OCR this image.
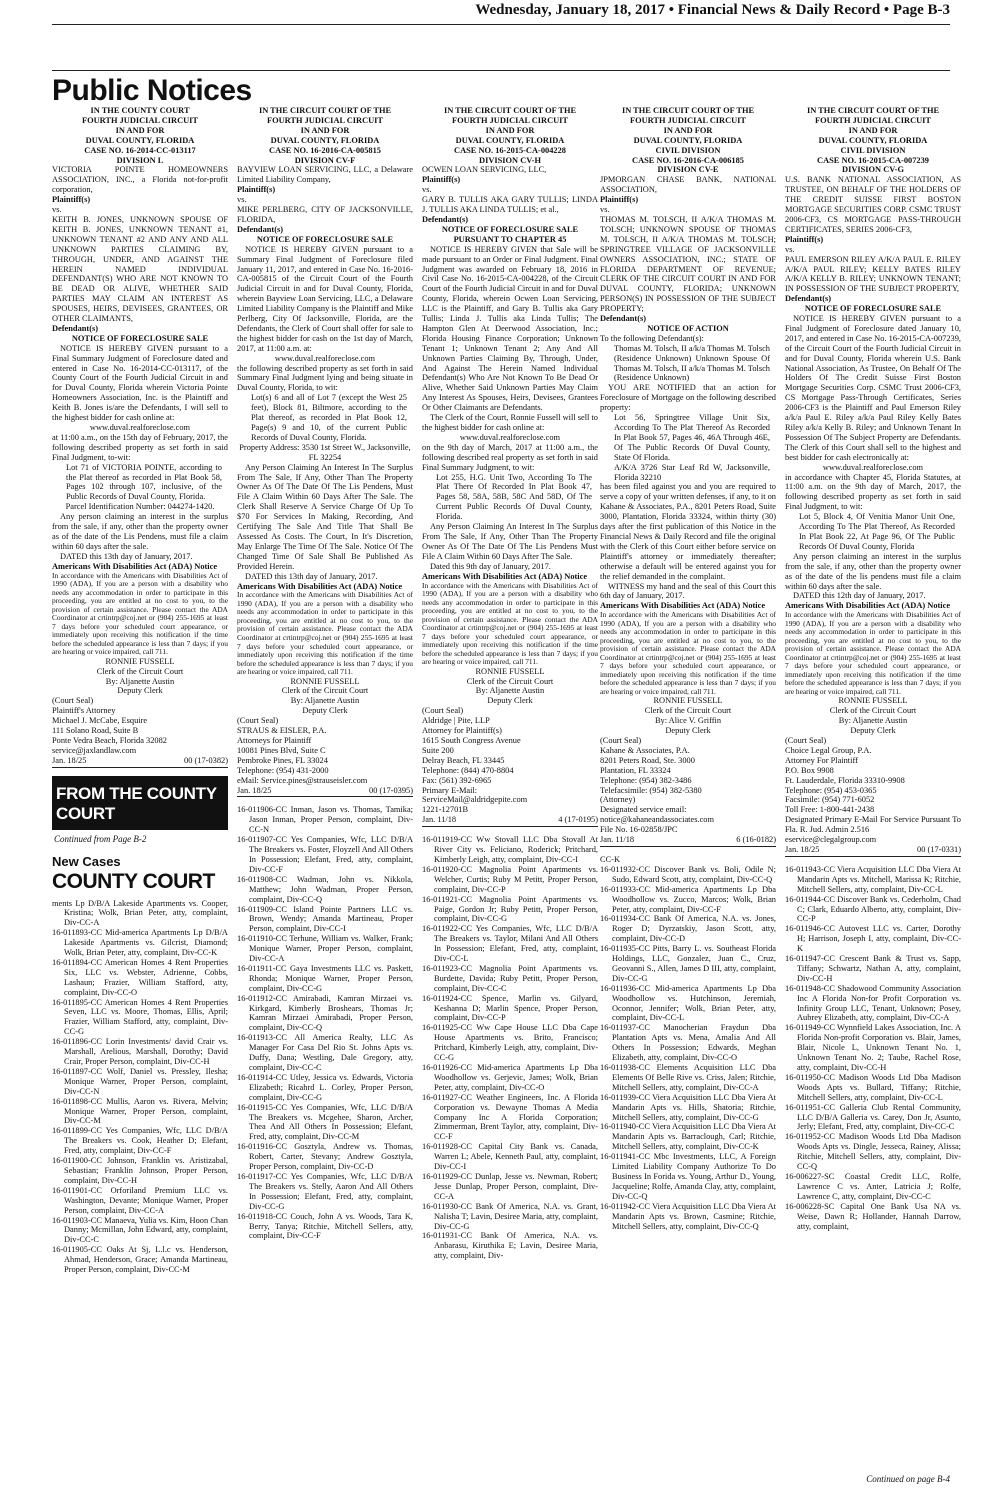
Wednesday, January 18, 2017 • Financial News & Daily Record • Page B-3
Public Notices

IN THE COUNTY COURT

FOURTH JUDICIAL CIRCUIT

IN AND FOR

DUVAL COUNTY, FLORIDA

CASE NO. 16-2014-CC-013117

DIVISION L

VICTORIA POINTE HOMEOWNERS ASSOCIATION, INC., a Florida not-for-profit corporation,

Plaintiff(s)

vs.

KEITH B. JONES, UNKNOWN SPOUSE OF KEITH B. JONES, UNKNOWN TENANT #1, UNKNOWN TENANT #2 AND ANY AND ALL UNKNOWN PARTIES CLAIMING BY, THROUGH, UNDER, AND AGAINST THE HEREIN NAMED INDIVIDUAL DEFENDANT(S) WHO ARE NOT KNOWN TO BE DEAD OR ALIVE, WHETHER SAID PARTIES MAY CLAIM AN INTEREST AS SPOUSES, HEIRS, DEVISEES, GRANTEES, OR OTHER CLAIMANTS,

Defendant(s)

NOTICE OF FORECLOSURE SALE

NOTICE IS HEREBY GIVEN pursuant to a Final Summary Judgment of Foreclosure dated and entered in Case No. 16-2014-CC-013117, of the County Court of the Fourth Judicial Circuit in and for Duval County, Florida wherein Victoria Pointe Homeowners Association, Inc. is the Plaintiff and Keith B. Jones is/are the Defendants, I will sell to the highest bidder for cash online at:

www.duval.realforeclose.com

at 11:00 a.m., on the 15th day of February, 2017, the following described property as set forth in said Final Judgment, to-wit:

Lot 71 of VICTORIA POINTE, according to the Plat thereof as recorded in Plat Book 58, Pages 102 through 107, inclusive, of the Public Records of Duval County, Florida.

Parcel Identification Number: 044274-1420.

Any person claiming an interest in the surplus from the sale, if any, other than the property owner as of the date of the Lis Pendens, must file a claim within 60 days after the sale.

DATED this 13th day of January, 2017.

Americans With Disabilities Act (ADA) Notice

In accordance with the Americans with Disabilities Act of 1990 (ADA), If you are a person with a disability who needs any accommodation in order to participate in this proceeding, you are entitled at no cost to you, to the provision of certain assistance. Please contact the ADA Coordinator at crtintrp@coj.net or (904) 255-1695 at least 7 days before your scheduled court appearance, or immediately upon receiving this notification if the time before the scheduled appearance is less than 7 days; if you are hearing or voice impaired, call 711.

RONNIE FUSSELL

Clerk of the Circuit Court

By: Aljanette Austin

Deputy Clerk

(Court Seal)

Plaintiff's Attorney

Michael J. McCabe, Esquire

111 Solano Road, Suite B

Ponte Vedra Beach, Florida 32082

service@jaxlandlaw.com

Jan. 18/25	00 (17-0382)
FROM THE COUNTY COURT
Continued from Page B-2
New Cases
COUNTY COURT

ments Lp D/B/A Lakeside Apartments vs. Cooper, Kristina; Wolk, Brian Peter, atty, complaint, Div-CC-A

16-011893-CC Mid-america Apartments Lp D/B/A Lakeside Apartments vs. Gilcrist, Diamond; Wolk, Brian Peter, atty, complaint, Div-CC-K

16-011894-CC American Homes 4 Rent Properties Six, LLC vs. Webster, Adrienne, Cobbs, Lashaun; Frazier, William Stafford, atty, complaint, Div-CC-O

16-011895-CC American Homes 4 Rent Properties Seven, LLC vs. Moore, Thomas, Ellis, April; Frazier, William Stafford, atty, complaint, Div-CC-G

16-011896-CC Lorin Investments/ david Crair vs. Marshall, Arelious, Marshall, Dorothy; David Crair, Proper Person, complaint, Div-CC-H

16-011897-CC Wolf, Daniel vs. Pressley, Ilesha; Monique Warner, Proper Person, complaint, Div-CC-N

16-011898-CC Mullis, Aaron vs. Rivera, Melvin; Monique Warner, Proper Person, complaint, Div-CC-M

16-011899-CC Yes Companies, Wfc, LLC D/B/A The Breakers vs. Cook, Heather D; Elefant, Fred, atty, complaint, Div-CC-F

16-011900-CC Johnson, Franklin vs. Aristizabal, Sebastian; Franklin Johnson, Proper Person, complaint, Div-CC-H

16-011901-CC Orforiland Premium LLC vs. Washington, Devante; Monique Warner, Proper Person, complaint, Div-CC-A

16-011903-CC Manaeva, Yulia vs. Kim, Hoon Chan Danny; Mcmillan, John Edward, atty, complaint, Div-CC-C

16-011905-CC Oaks At Sj, L.l.c vs. Henderson, Ahmad, Henderson, Grace; Amanda Martineau, Proper Person, complaint, Div-CC-M

IN THE CIRCUIT COURT OF THE

FOURTH JUDICIAL CIRCUIT

IN AND FOR

DUVAL COUNTY, FLORIDA

CASE NO. 16-2016-CA-005815

DIVISION CV-F

BAYVIEW LOAN SERVICING, LLC, a Delaware Limited Liability Company,

Plaintiff(s)

vs.

MIKE PERLBERG, CITY OF JACKSONVILLE, FLORIDA,

Defendant(s)

NOTICE OF FORECLOSURE SALE

NOTICE IS HEREBY GIVEN pursuant to a Summary Final Judgment of Foreclosure filed January 11, 2017, and entered in Case No. 16-2016-CA-005815 of the Circuit Court of the Fourth Judicial Circuit in and for Duval County, Florida, wherein Bayview Loan Servicing, LLC, a Delaware Limited Liability Company is the Plaintiff and Mike Perlberg, City Of Jacksonville, Florida, are the Defendants, the Clerk of Court shall offer for sale to the highest bidder for cash on the 1st day of March, 2017, at 11:00 a.m. at:

www.duval.realforeclose.com

the following described property as set forth in said Summary Final Judgment lying and being situate in Duval County, Florida, to wit:

Lot(s) 6 and all of Lot 7 (except the West 25 feet), Block 81, Biltmore, according to the Plat thereof, as recorded in Plat Book 12, Page(s) 9 and 10, of the current Public Records of Duval County, Florida.

Property Address: 3530 1st Street W., Jacksonville, FL 32254

Any Person Claiming An Interest In The Surplus From The Sale, If Any, Other Than The Property Owner As Of The Date Of The Lis Pendens, Must File A Claim Within 60 Days After The Sale. The Clerk Shall Reserve A Service Charge Of Up To $70 For Services In Making, Recording, And Certifying The Sale And Title That Shall Be Assessed As Costs. The Court, In It's Discretion, May Enlarge The Time Of The Sale. Notice Of The Changed Time Of Sale Shall Be Published As Provided Herein.

DATED this 13th day of January, 2017.

Americans With Disabilities Act (ADA) Notice

In accordance with the Americans with Disabilities Act of 1990 (ADA), If you are a person with a disability who needs any accommodation in order to participate in this proceeding, you are entitled at no cost to you, to the provision of certain assistance. Please contact the ADA Coordinator at crtintrp@coj.net or (904) 255-1695 at least 7 days before your scheduled court appearance, or immediately upon receiving this notification if the time before the scheduled appearance is less than 7 days; if you are hearing or voice impaired, call 711.

RONNIE FUSSELL

Clerk of the Circuit Court

By: Aljanette Austin

Deputy Clerk

(Court Seal)

STRAUS & EISLER, P.A.

Attorneys for Plaintiff

10081 Pines Blvd, Suite C

Pembroke Pines, FL 33024

Telephone: (954) 431-2000

eMail: Service.pines@strauseisler.com

Jan. 18/25	00 (17-0395)

16-011906-CC Inman, Jason vs. Thomas, Tamika; Jason Inman, Proper Person, complaint, Div-CC-N

16-011907-CC Yes Companies, Wfc, LLC D/B/A The Breakers vs. Foster, Floyzell And All Others In Possession; Elefant, Fred, atty, complaint, Div-CC-F

16-011908-CC Wadman, John vs. Nikkola, Matthew; John Wadman, Proper Person, complaint, Div-CC-Q

16-011909-CC Island Pointe Partners LLC vs. Brown, Wendy; Amanda Martineau, Proper Person, complaint, Div-CC-I

16-011910-CC Terhune, William vs. Walker, Frank; Monique Warner, Proper Person, complaint, Div-CC-A

16-011911-CC Gaya Investments LLC vs. Paskett, Rhonda; Monique Warner, Proper Person, complaint, Div-CC-G

16-011912-CC Amirabadi, Kamran Mirzaei vs. Kirkgard, Kimberly Broshears, Thomas Jr; Kamran Mirzaei Amirabadi, Proper Person, complaint, Div-CC-Q

16-011913-CC All America Realty, LLC As Manager For Casa Del Rio St. Johns Apts vs. Duffy, Dana; Westling, Dale Gregory, atty, complaint, Div-CC-C

16-011914-CC Utley, Jessica vs. Edwards, Victoria Elizabeth; Ricahrd L. Corley, Proper Person, complaint, Div-CC-G

16-011915-CC Yes Companies, Wfc, LLC D/B/A The Breakers vs. Mcgehee, Sharon, Archer, Thea And All Others In Possession; Elefant, Fred, atty, complaint, Div-CC-M

16-011916-CC Gosztyla, Andrew vs. Thomas, Robert, Carter, Stevany; Andrew Gosztyla, Proper Person, complaint, Div-CC-D

16-011917-CC Yes Companies, Wfc, LLC D/B/A The Breakers vs. Stelly, Aaron And All Others In Possession; Elefant, Fred, atty, complaint, Div-CC-G

16-011918-CC Couch, John A vs. Woods, Tara K, Berry, Tanya; Ritchie, Mitchell Sellers, atty, complaint, Div-CC-F

IN THE CIRCUIT COURT OF THE

FOURTH JUDICIAL CIRCUIT

IN AND FOR

DUVAL COUNTY, FLORIDA

CASE NO. 16-2015-CA-004228

DIVISION CV-H

OCWEN LOAN SERVICING, LLC,

Plaintiff(s)

vs.

GARY B. TULLIS AKA GARY TULLIS; LINDA J. TULLIS AKA LINDA TULLIS; et al.,

Defendant(s)

NOTICE OF FORECLOSURE SALE PURSUANT TO CHAPTER 45

NOTICE IS HEREBY GIVEN that Sale will be made pursuant to an Order or Final Judgment. Final Judgment was awarded on February 18, 2016 in Civil Case No. 16-2015-CA-004228, of the Circuit Court of the Fourth Judicial Circuit in and for Duval County, Florida, wherein Ocwen Loan Servicing, LLC is the Plaintiff, and Gary B. Tullis aka Gary Tullis; Linda J. Tullis aka Linda Tullis; The Hampton Glen At Deerwood Association, Inc.; Florida Housing Finance Corporation; Unknown Tenant 1; Unknown Tenant 2; Any And All Unknown Parties Claiming By, Through, Under, And Against The Herein Named Individual Defendant(s) Who Are Not Known To Be Dead Or Alive, Whether Said Unknown Parties May Claim Any Interest As Spouses, Heirs, Devisees, Grantees Or Other Claimants are Defendants.

The Clerk of the Court, Ronnie Fussell will sell to the highest bidder for cash online at:

www.duval.realforeclose.com

on the 9th day of March, 2017 at 11:00 a.m., the following described real property as set forth in said Final Summary Judgment, to wit:

Lot 255, H.G. Unit Two, According To The Plat There Of Recorded In Plat Book 47, Pages 58, 58A, 58B, 58C And 58D, Of The Current Public Records Of Duval County, Florida.

Any Person Claiming An Interest In The Surplus From The Sale, If Any, Other Than The Property Owner As Of The Date Of The Lis Pendens Must File A Claim Within 60 Days After The Sale.

Dated this 9th day of January, 2017.

Americans With Disabilities Act (ADA) Notice

In accordance with the Americans with Disabilities Act of 1990 (ADA), If you are a person with a disability who needs any accommodation in order to participate in this proceeding, you are entitled at no cost to you, to the provision of certain assistance. Please contact the ADA Coordinator at crtintrp@coj.net or (904) 255-1695 at least 7 days before your scheduled court appearance, or immediately upon receiving this notification if the time before the scheduled appearance is less than 7 days; if you are hearing or voice impaired, call 711.

RONNIE FUSSELL

Clerk of the Circuit Court

By: Aljanette Austin

Deputy Clerk

(Court Seal)

Aldridge | Pite, LLP

Attorney for Plaintiff(s)

1615 South Congress Avenue

Suite 200

Delray Beach, FL 33445

Telephone: (844) 470-8804

Fax: (561) 392-6965

Primary E-Mail:

ServiceMail@aldridgepite.com

1221-12701B

Jan. 11/18	4 (17-0195)

16-011919-CC Ww Stovall LLC Dba Stovall At River City vs. Feliciano, Roderick; Pritchard, Kimberly Leigh, atty, complaint, Div-CC-I

16-011920-CC Magnolia Point Apartments vs. Welcher, Curtis; Ruby M Petitt, Proper Person, complaint, Div-CC-P

16-011921-CC Magnolia Point Apartments vs. Paige, Gordon Jr; Ruby Petitt, Proper Person, complaint, Div-CC-G

16-011922-CC Yes Companies, Wfc, LLC D/B/A The Breakers vs. Taylor, Milani And All Others In Possession; Elefant, Fred, atty, complaint, Div-CC-L

16-011923-CC Magnolia Point Apartments vs. Burdette, Davida; Ruby Petitt, Proper Person, complaint, Div-CC-C

16-011924-CC Spence, Marlin vs. Gilyard, Keshanna D; Marlin Spence, Proper Person, complaint, Div-CC-P

16-011925-CC Ww Cape House LLC Dba Cape House Apartments vs. Brito, Francisco; Pritchard, Kimberly Leigh, atty, complaint, Div-CC-G

16-011926-CC Mid-america Apartments Lp Dba Woodhollow vs. Gerjevic, James; Wolk, Brian Peter, atty, complaint, Div-CC-O

16-011927-CC Weather Engineers, Inc. A Florida Corporation vs. Dewayne Thomas A Media Company Inc A Florida Corporation; Zimmerman, Brent Taylor, atty, complaint, Div-CC-F

16-011928-CC Capital City Bank vs. Canada, Warren L; Abele, Kenneth Paul, atty, complaint, Div-CC-I

16-011929-CC Dunlap, Jesse vs. Newman, Robert; Jesse Dunlap, Proper Person, complaint, Div-CC-A

16-011930-CC Bank Of America, N.A. vs. Grant, Nalisha T; Lavin, Desiree Maria, atty, complaint, Div-CC-G

16-011931-CC Bank Of America, N.A. vs. Anbarasu, Kiruthika E; Lavin, Desiree Maria, atty, complaint, Div-

IN THE CIRCUIT COURT OF THE

FOURTH JUDICIAL CIRCUIT

IN AND FOR

DUVAL COUNTY, FLORIDA

CIVIL DIVISION

CASE NO. 16-2016-CA-006185

DIVISION CV-E

JPMORGAN CHASE BANK, NATIONAL ASSOCIATION,

Plaintiff(s)

vs.

THOMAS M. TOLSCH, II A/K/A THOMAS M. TOLSCH; UNKNOWN SPOUSE OF THOMAS M. TOLSCH, II A/K/A THOMAS M. TOLSCH; SPRINGTREE VILLAGE OF JACKSONVILLE OWNERS ASSOCIATION, INC.; STATE OF FLORIDA DEPARTMENT OF REVENUE; CLERK OF THE CIRCUIT COURT IN AND FOR DUVAL COUNTY, FLORIDA; UNKNOWN PERSON(S) IN POSSESSION OF THE SUBJECT PROPERTY;

Defendant(s)

NOTICE OF ACTION

To the following Defendant(s):

Thomas M. Tolsch, II a/k/a Thomas M. Tolsch (Residence Unknown) Unknown Spouse Of Thomas M. Tolsch, II a/k/a Thomas M. Tolsch (Residence Unknown)

YOU ARE NOTIFIED that an action for Foreclosure of Mortgage on the following described property:

Lot 56, Springtree Village Unit Six, According To The Plat Thereof As Recorded In Plat Book 57, Pages 46, 46A Through 46E, Of The Public Records Of Duval County, State Of Florida.

A/K/A 3726 Star Leaf Rd W, Jacksonville, Florida 32210

has been filed against you and you are required to serve a copy of your written defenses, if any, to it on Kahane & Associates, P.A., 8201 Peters Road, Suite 3000, Plantation, Florida 33324, within thirty (30) days after the first publication of this Notice in the Financial News & Daily Record and file the original with the Clerk of this Court either before service on Plaintiff's attorney or immediately thereafter; otherwise a default will be entered against you for the relief demanded in the complaint.

WITNESS my hand and the seal of this Court this 6th day of January, 2017.

Americans With Disabilities Act (ADA) Notice

In accordance with the Americans with Disabilities Act of 1990 (ADA), If you are a person with a disability who needs any accommodation in order to participate in this proceeding, you are entitled at no cost to you, to the provision of certain assistance. Please contact the ADA Coordinator at crtintrp@coj.net or (904) 255-1695 at least 7 days before your scheduled court appearance, or immediately upon receiving this notification if the time before the scheduled appearance is less than 7 days; if you are hearing or voice impaired, call 711.

RONNIE FUSSELL

Clerk of the Circuit Court

By: Alice V. Griffin

Deputy Clerk

(Court Seal)

Kahane & Associates, P.A.

8201 Peters Road, Ste. 3000

Plantation, FL 33324

Telephone: (954) 382-3486

Telefacsimile: (954) 382-5380

(Attorney)

Designated service email:

notice@kahaneandassociates.com

File No. 16-02858/JPC

Jan. 11/18	6 (16-0182)

CC-K

16-011932-CC Discover Bank vs. Boli, Odile N; Sudo, Edward Scott, atty, complaint, Div-CC-Q

16-011933-CC Mid-america Apartments Lp Dba Woodhollow vs. Zucco, Marcos; Wolk, Brian Peter, atty, complaint, Div-CC-F

16-011934-CC Bank Of America, N.A. vs. Jones, Roger D; Dyrzatskiy, Jason Scott, atty, complaint, Div-CC-D

16-011935-CC Pitts, Barry L. vs. Southeast Florida Holdings, LLC, Gonzalez, Juan C., Cruz, Geovanni S., Allen, James D III, atty, complaint, Div-CC-G

16-011936-CC Mid-america Apartments Lp Dba Woodhollow vs. Hutchinson, Jeremiah, Oconnor, Jennifer; Wolk, Brian Peter, atty, complaint, Div-CC-L

16-011937-CC Manocherian Fraydun Dba Plantation Apts vs. Mena, Amalia And All Others In Possession; Edwards, Meghan Elizabeth, atty, complaint, Div-CC-O

16-011938-CC Elements Acquisition LLC Dba Elements Of Belle Rive vs. Criss, Jalen; Ritchie, Mitchell Sellers, atty, complaint, Div-CC-A

16-011939-CC Viera Acquisition LLC Dba Viera At Mandarin Apts vs. Hills, Shatoria; Ritchie, Mitchell Sellers, atty, complaint, Div-CC-G

16-011940-CC Viera Acquisition LLC Dba Viera At Mandarin Apts vs. Barraclough, Carl; Ritchie, Mitchell Sellers, atty, complaint, Div-CC-K

16-011941-CC Mbc Investments, LLC, A Foreign Limited Liability Company Authorize To Do Business In Forida vs. Young, Arthur D., Young, Jacqueline; Rolfe, Amanda Clay, atty, complaint, Div-CC-Q

16-011942-CC Viera Acquisition LLC Dba Viera At Mandarin Apts vs. Brown, Casmine; Ritchie, Mitchell Sellers, atty, complaint, Div-CC-Q

IN THE CIRCUIT COURT OF THE

FOURTH JUDICIAL CIRCUIT

IN AND FOR

DUVAL COUNTY, FLORIDA

CIVIL DIVISION

CASE NO. 16-2015-CA-007239

DIVISION CV-G

U.S. BANK NATIONAL ASSOCIATION, AS TRUSTEE, ON BEHALF OF THE HOLDERS OF THE CREDIT SUISSE FIRST BOSTON MORTGAGE SECURITIES CORP. CSMC TRUST 2006-CF3, CS MORTGAGE PASS-THROUGH CERTIFICATES, SERIES 2006-CF3,

Plaintiff(s)

vs.

PAUL EMERSON RILEY A/K/A PAUL E. RILEY A/K/A PAUL RILEY; KELLY BATES RILEY A/K/A KELLY B. RILEY; UNKNOWN TENANT; IN POSSESSION OF THE SUBJECT PROPERTY,

Defendant(s)

NOTICE OF FORECLOSURE SALE

NOTICE IS HEREBY GIVEN pursuant to a Final Judgment of Foreclosure dated January 10, 2017, and entered in Case No. 16-2015-CA-007239, of the Circuit Court of the Fourth Judicial Circuit in and for Duval County, Florida wherein U.S. Bank National Association, As Trustee, On Behalf Of The Holders Of The Credit Suisse First Boston Mortgage Securities Corp. CSMC Trust 2006-CF3, CS Mortgage Pass-Through Certificates, Series 2006-CF3 is the Plaintiff and Paul Emerson Riley a/k/a Paul E. Riley a/k/a Paul Riley Kelly Bates Riley a/k/a Kelly B. Riley; and Unknown Tenant In Possession Of The Subject Property are Defendants. The Clerk of this Court shall sell to the highest and best bidder for cash electronically at:

www.duval.realforeclose.com

in accordance with Chapter 45, Florida Statutes, at 11:00 a.m. on the 9th day of March, 2017, the following described property as set forth in said Final Judgment, to wit:

Lot 5, Block 4, Of Venitia Manor Unit One, According To The Plat Thereof, As Recorded In Plat Book 22, At Page 96, Of The Public Records Of Duval County, Florida

Any person claiming an interest in the surplus from the sale, if any, other than the property owner as of the date of the lis pendens must file a claim within 60 days after the sale.

DATED this 12th day of January, 2017.

Americans With Disabilities Act (ADA) Notice

In accordance with the Americans with Disabilities Act of 1990 (ADA), If you are a person with a disability who needs any accommodation in order to participate in this proceeding, you are entitled at no cost to you, to the provision of certain assistance. Please contact the ADA Coordinator at crtintrp@coj.net or (904) 255-1695 at least 7 days before your scheduled court appearance, or immediately upon receiving this notification if the time before the scheduled appearance is less than 7 days; if you are hearing or voice impaired, call 711.

RONNIE FUSSELL

Clerk of the Circuit Court

By: Aljanette Austin

Deputy Clerk

(Court Seal)

Choice Legal Group, P.A.

Attorney For Plaintiff

P.O. Box 9908

Ft. Lauderdale, Florida 33310-9908

Telephone: (954) 453-0365

Facsimile: (954) 771-6052

Toll Free: 1-800-441-2438

Designated Primary E-Mail For Service Pursuant To Fla. R. Jud. Admin 2.516

eservice@clegalgroup.com

Jan. 18/25	00 (17-0331)

16-011943-CC Viera Acquisition LLC Dba Viera At Mandarin Apts vs. Mitchell, Marissa K; Ritchie, Mitchell Sellers, atty, complaint, Div-CC-L

16-011944-CC Discover Bank vs. Cederholm, Chad C; Clark, Eduardo Alberto, atty, complaint, Div-CC-P

16-011946-CC Autovest LLC vs. Carter, Dorothy H; Harrison, Joseph I, atty, complaint, Div-CC-K

16-011947-CC Crescent Bank & Trust vs. Sapp, Tiffany; Schwartz, Nathan A, atty, complaint, Div-CC-H

16-011948-CC Shadowood Community Association Inc A Florida Non-for Profit Corporation vs. Infinity Group LLC, Tenant, Unknown; Posey, Aubrey Elizabeth, atty, complaint, Div-CC-A

16-011949-CC Wynnfield Lakes Association, Inc. A Florida Non-profit Corporation vs. Blair, James, Blair, Nicole L, Unknown Tenant No. 1, Unknown Tenant No. 2; Taube, Rachel Rose, atty, complaint, Div-CC-H

16-011950-CC Madison Woods Ltd Dba Madison Woods Apts vs. Bullard, Tiffany; Ritchie, Mitchell Sellers, atty, complaint, Div-CC-L

16-011951-CC Galleria Club Rental Community, LLC D/B/A Galleria vs. Carey, Don Jr, Asunto, Jerly; Elefant, Fred, atty, complaint, Div-CC-C

16-011952-CC Madison Woods Ltd Dba Madison Woods Apts vs. Dingle, Jesseca, Rainey, Alissa; Ritchie, Mitchell Sellers, atty, complaint, Div-CC-Q

16-006227-SC Coastal Credit LLC, Rolfe, Lawrence C vs. Anter, Latricia J; Rolfe, Lawrence C, atty, complaint, Div-CC-C

16-006228-SC Capital One Bank Usa NA vs. Weise, Dawn R; Hollander, Hannah Darrow, atty, complaint,

Continued on page B-4
